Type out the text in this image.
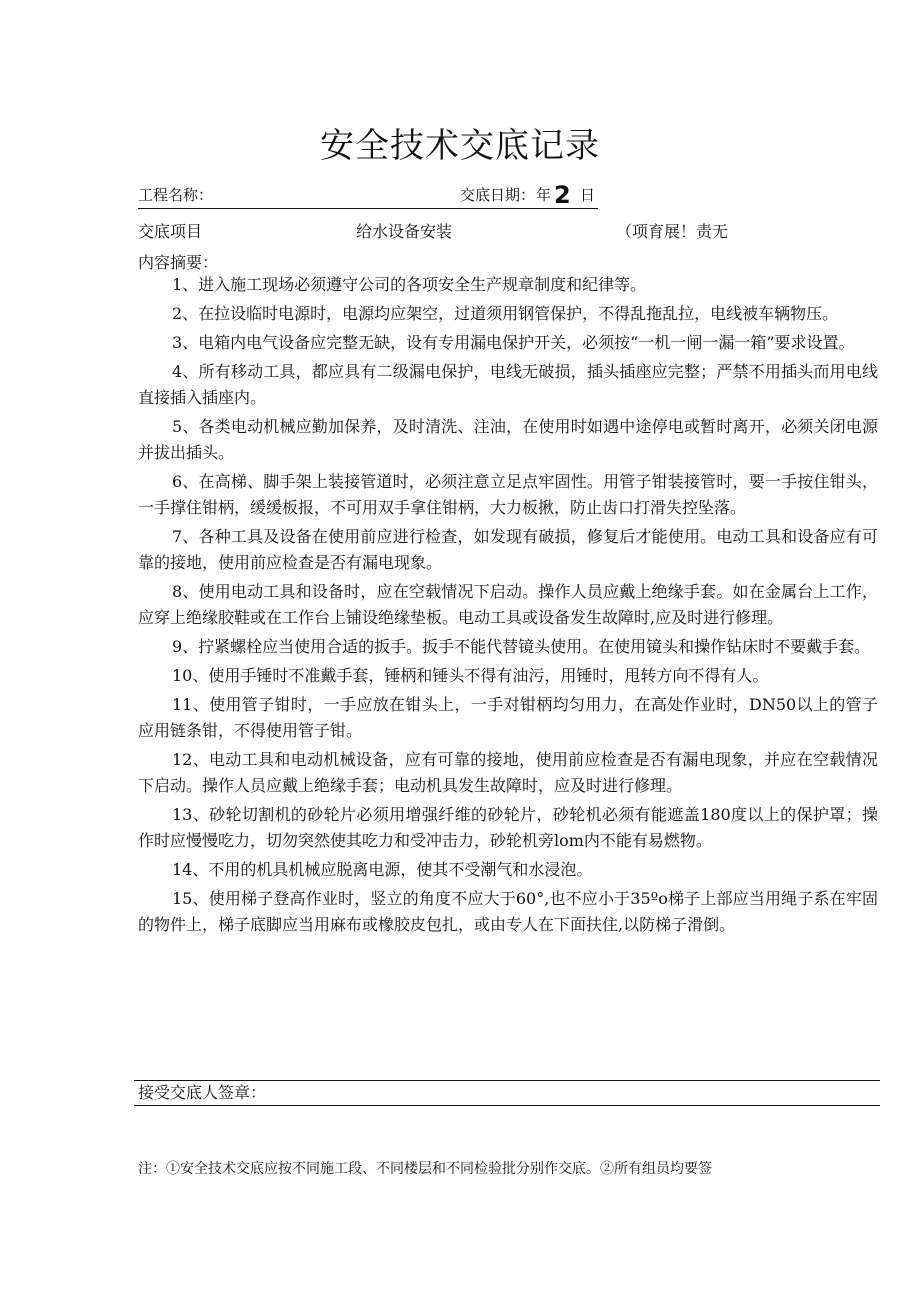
安全技术交底记录
工程名称：	交底日期： 年 2 日
交底项目	给水设备安装	（项育展！责无
内容摘要：

1、进入施工现场必须遵守公司的各项安全生产规章制度和纪律等。

2、在拉设临时电源时，电源均应架空，过道须用钢管保护，不得乱拖乱拉，电线被车辆物压。

3、电箱内电气设备应完整无缺，设有专用漏电保护开关，必须按“一机一闸一漏一箱”要求设置。

4、所有移动工具，都应具有二级漏电保护，电线无破损，插头插座应完整；严禁不用插头而用电线直接插入插座内。

5、各类电动机械应勤加保养，及时清洗、注油，在使用时如遇中途停电或暂时离开，必须关闭电源并拔出插头。

6、在高梯、脚手架上装接管道时，必须注意立足点牢固性。用管子钳装接管时，要一手按住钳头，一手撑住钳柄，缓缓板报，不可用双手拿住钳柄，大力板揪，防止齿口打滑失控坠落。

7、各种工具及设备在使用前应进行检查，如发现有破损，修复后才能使用。电动工具和设备应有可靠的接地，使用前应检查是否有漏电现象。

8、使用电动工具和设备时，应在空载情况下启动。操作人员应戴上绝缘手套。如在金属台上工作，应穿上绝缘胶鞋或在工作台上铺设绝缘垫板。电动工具或设备发生故障时,应及时进行修理。

9、拧紧螺栓应当使用合适的扳手。扳手不能代替镜头使用。在使用镜头和操作钻床时不要戴手套。

10、使用手锤时不准戴手套，锤柄和锤头不得有油污，用锤时，甩转方向不得有人。

11、使用管子钳时，一手应放在钳头上，一手对钳柄均匀用力，在高处作业时，DN50以上的管子应用链条钳，不得使用管子钳。

12、电动工具和电动机械设备，应有可靠的接地，使用前应检查是否有漏电现象，并应在空载情况下启动。操作人员应戴上绝缘手套；电动机具发生故障时，应及时进行修理。

13、砂轮切割机的砂轮片必须用增强纤维的砂轮片，砂轮机必须有能遮盖180度以上的保护罩；操作时应慢慢吃力，切勿突然使其吃力和受冲击力，砂轮机旁lom内不能有易燃物。

14、不用的机具机械应脱离电源，使其不受潮气和水浸泡。

15、使用梯子登高作业时，竖立的角度不应大于60°,也不应小于35ºo梯子上部应当用绳子系在牢固的物件上，梯子底脚应当用麻布或橡胶皮包扎，或由专人在下面扶住,以防梯子滑倒。

接受交底人签章：
注：①安全技术交底应按不同施工段、不同楼层和不同检验批分别作交底。②所有组员均要签
